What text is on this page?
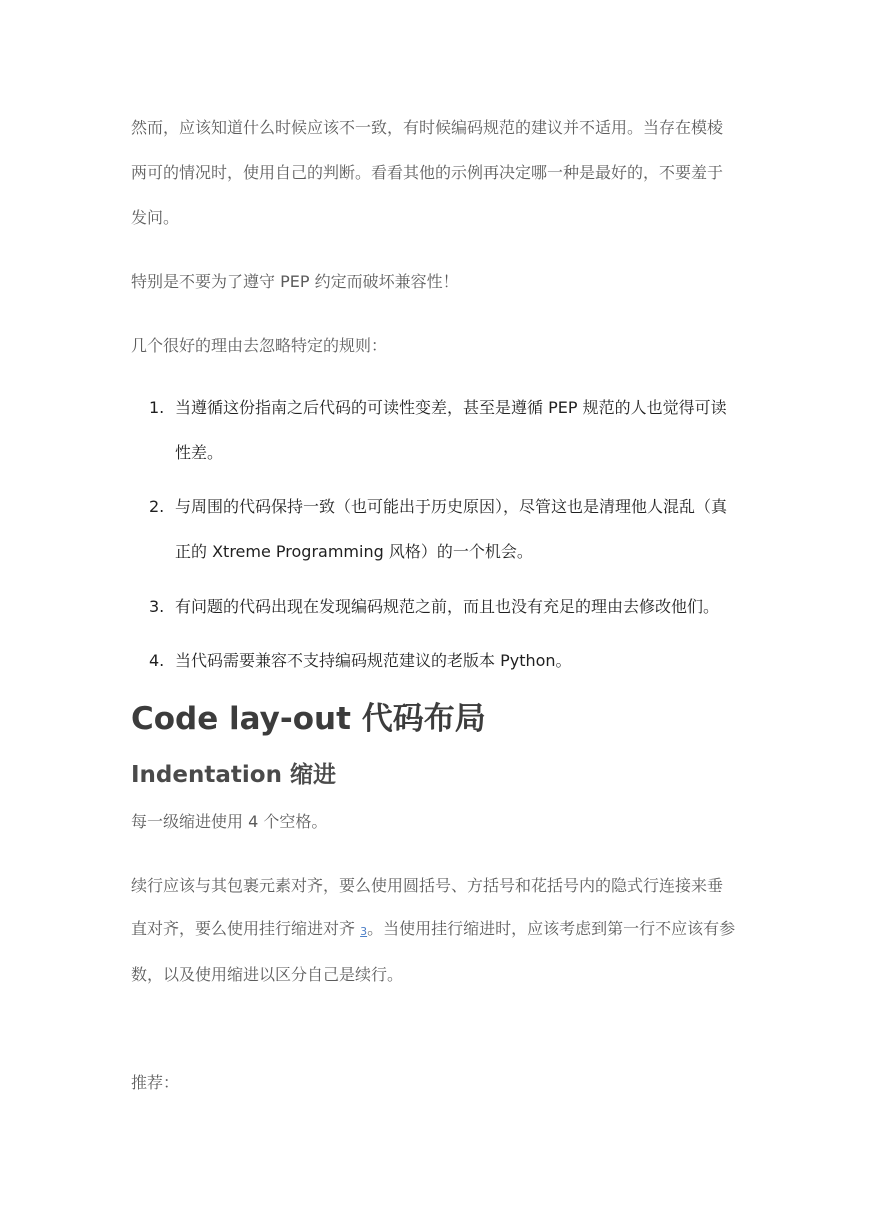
然而，应该知道什么时候应该不一致，有时候编码规范的建议并不适用。当存在模棱
两可的情况时，使用自己的判断。看看其他的示例再决定哪一种是最好的，不要羞于
发问。
特别是不要为了遵守 PEP 约定而破坏兼容性！
几个很好的理由去忽略特定的规则：
1. 当遵循这份指南之后代码的可读性变差，甚至是遵循 PEP 规范的人也觉得可读
性差。
2. 与周围的代码保持一致（也可能出于历史原因），尽管这也是清理他人混乱（真
正的 Xtreme Programming 风格）的一个机会。
3. 有问题的代码出现在发现编码规范之前，而且也没有充足的理由去修改他们。
4. 当代码需要兼容不支持编码规范建议的老版本 Python。
Code lay-out 代码布局
Indentation 缩进
每一级缩进使用 4 个空格。
续行应该与其包裹元素对齐，要么使用圆括号、方括号和花括号内的隐式行连接来垂
直对齐，要么使用挂行缩进对齐 3。当使用挂行缩进时，应该考虑到第一行不应该有参
数，以及使用缩进以区分自己是续行。
推荐：
